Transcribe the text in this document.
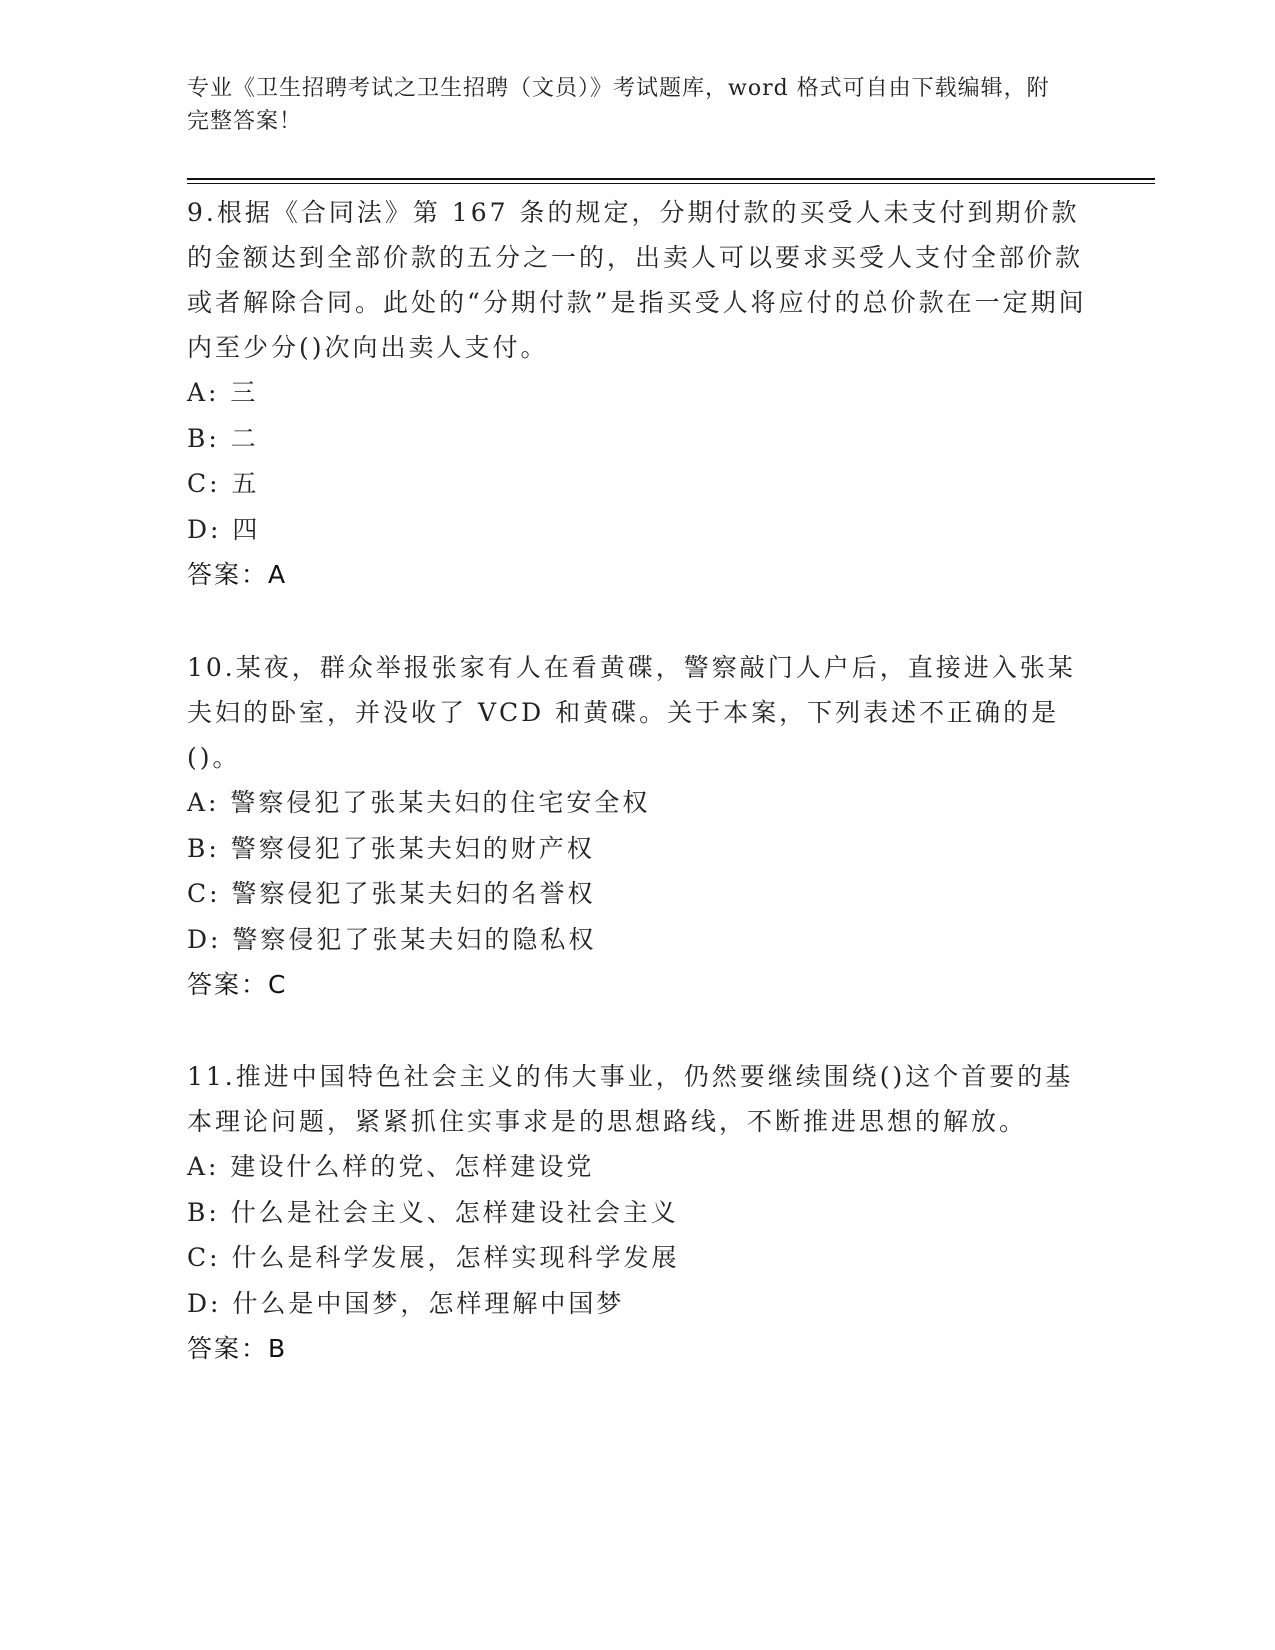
专业《卫生招聘考试之卫生招聘（文员）》考试题库，word 格式可自由下载编辑，附完整答案！

9.根据《合同法》第 167 条的规定，分期付款的买受人未支付到期价款的金额达到全部价款的五分之一的，出卖人可以要求买受人支付全部价款或者解除合同。此处的“分期付款”是指买受人将应付的总价款在一定期间内至少分()次向出卖人支付。

A: 三

B: 二

C: 五

D: 四

答案：A

10.某夜，群众举报张家有人在看黄碟，警察敲门人户后，直接进入张某夫妇的卧室，并没收了 VCD 和黄碟。关于本案，下列表述不正确的是()。

A: 警察侵犯了张某夫妇的住宅安全权

B: 警察侵犯了张某夫妇的财产权

C: 警察侵犯了张某夫妇的名誉权

D: 警察侵犯了张某夫妇的隐私权

答案：C

11.推进中国特色社会主义的伟大事业，仍然要继续围绕()这个首要的基本理论问题，紧紧抓住实事求是的思想路线，不断推进思想的解放。

A: 建设什么样的党、怎样建设党

B: 什么是社会主义、怎样建设社会主义

C: 什么是科学发展，怎样实现科学发展

D: 什么是中国梦，怎样理解中国梦

答案：B
